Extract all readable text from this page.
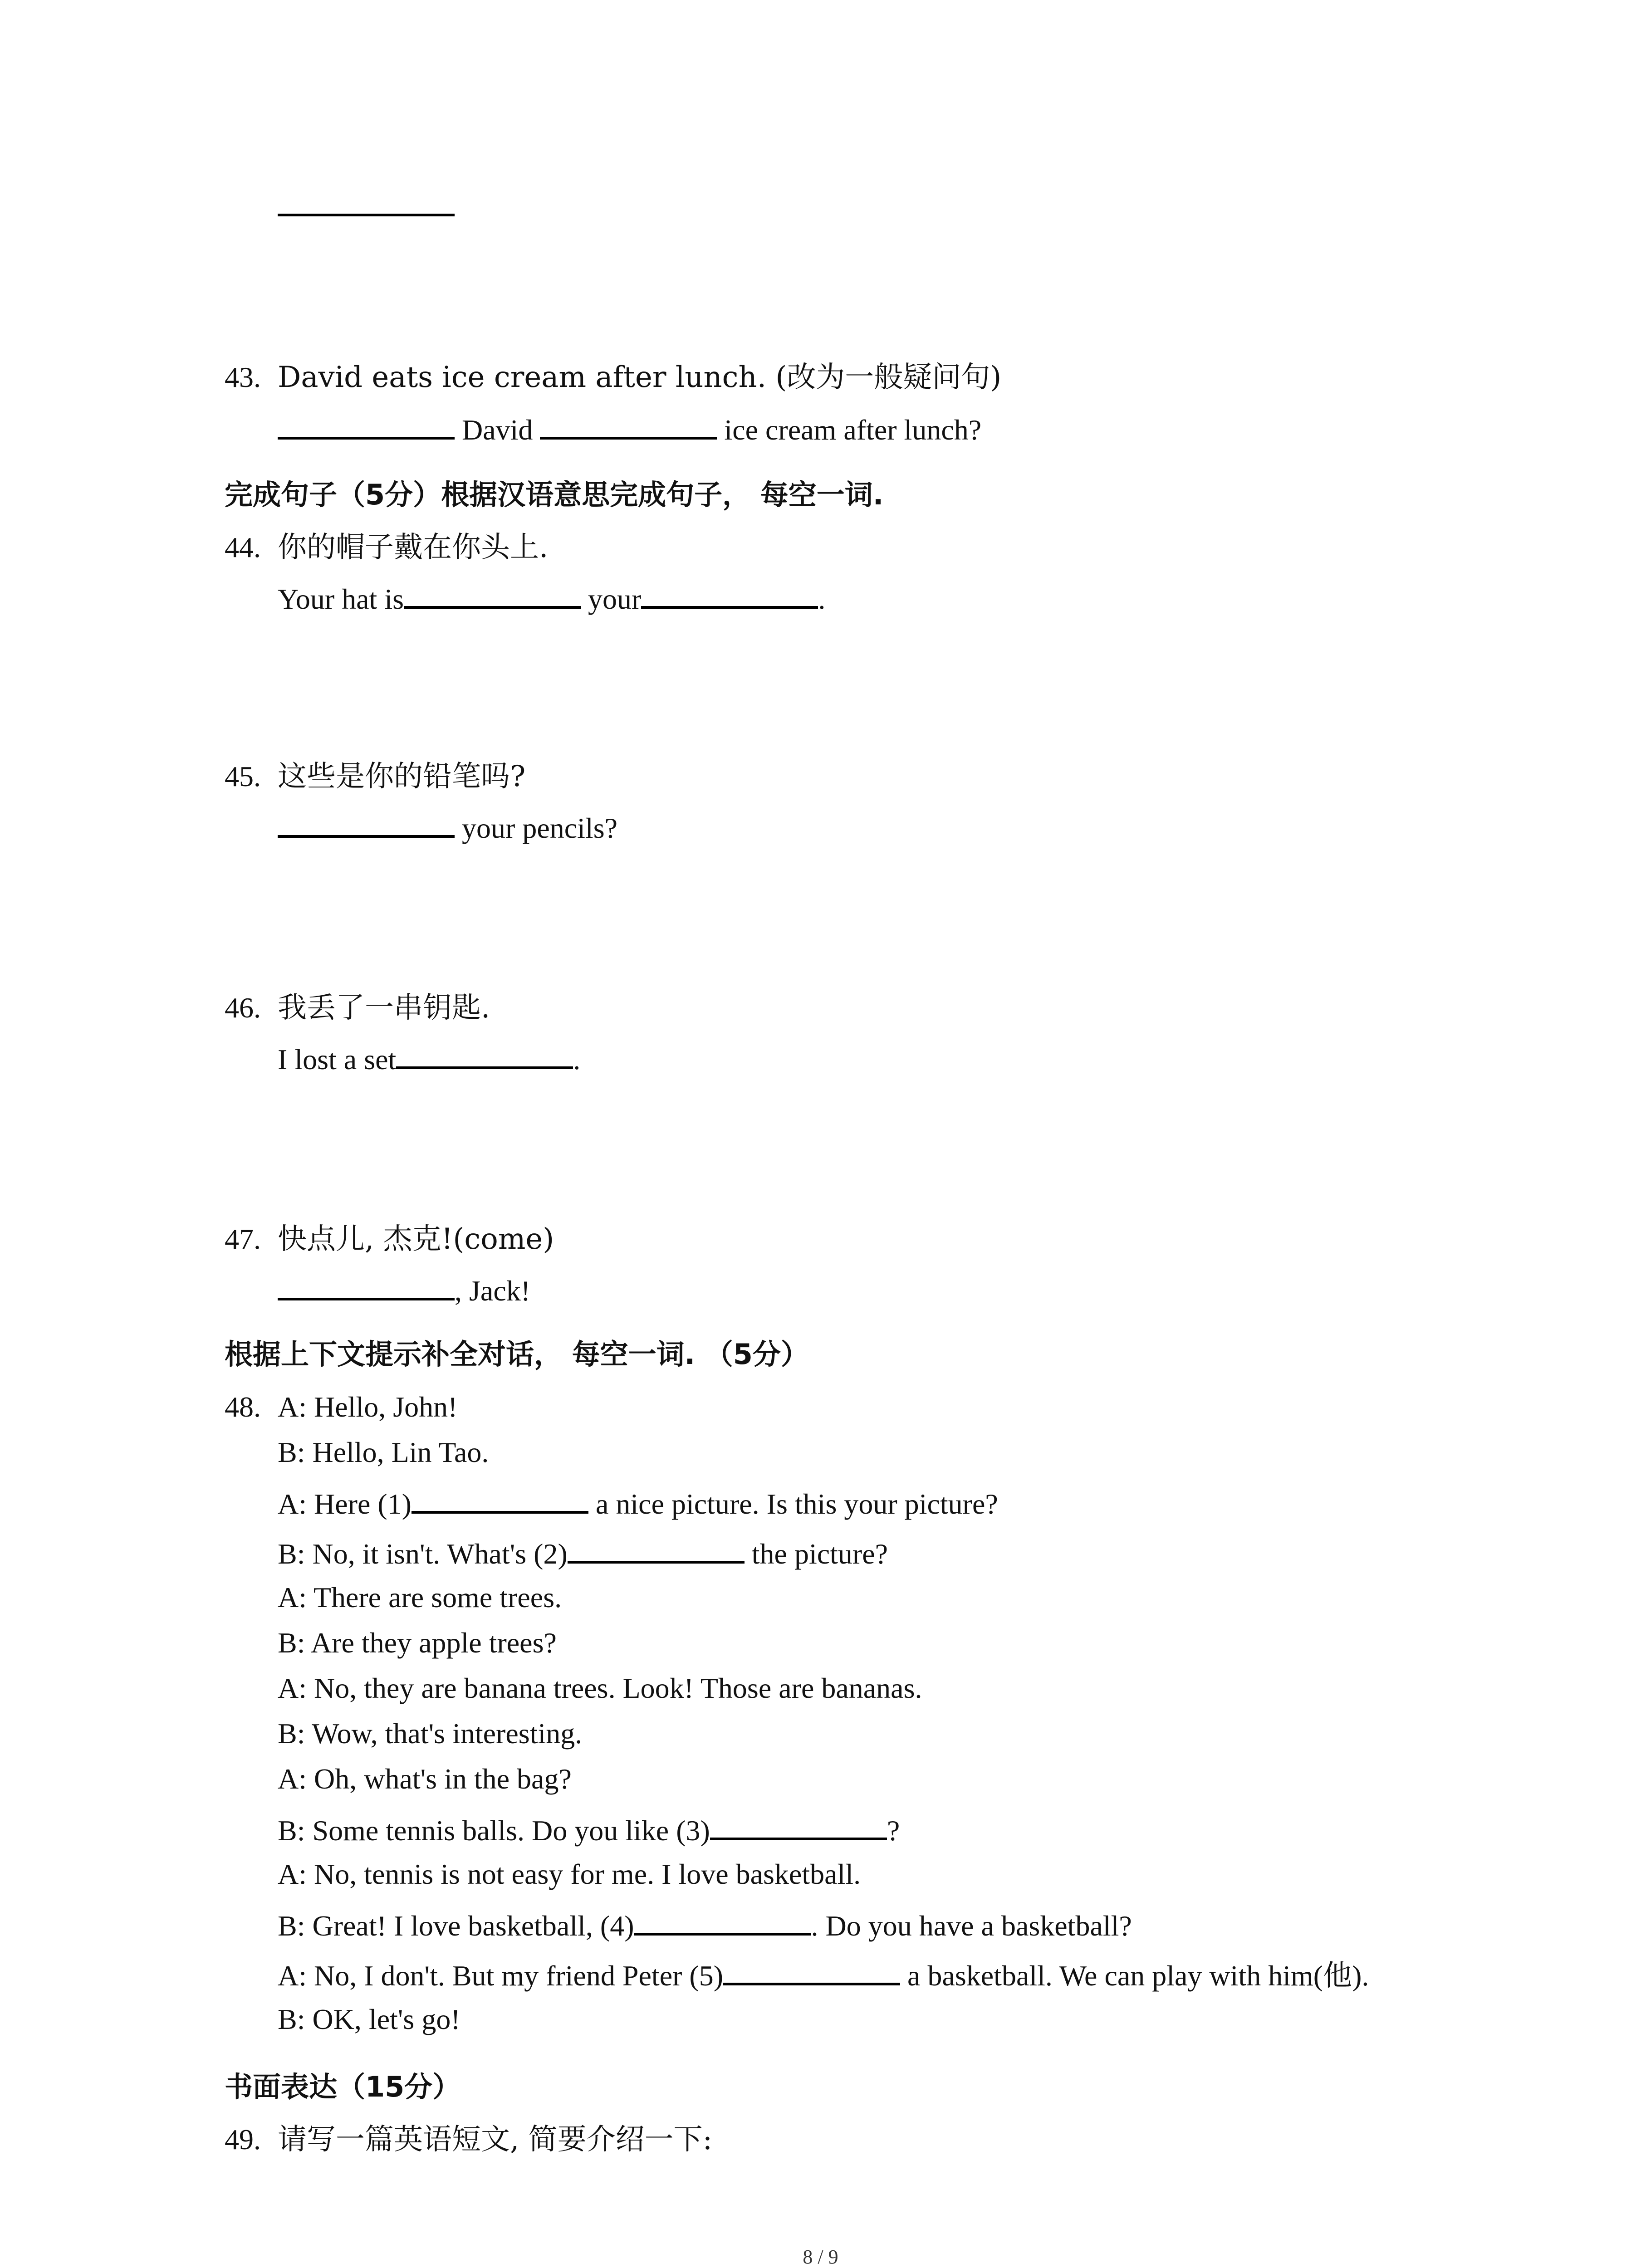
43. David eats ice cream after lunch. (改为一般疑问句)
David	ice cream after lunch?
完成句子（5分）根据汉语意思完成句子， 每空一词.
44. 你的帽子戴在你头上.
Your hat is	your	.
45. 这些是你的铅笔吗?
your pencils?
46. 我丢了一串钥匙.
I lost a set	.
47. 快点儿, 杰克!(come)
, Jack!
根据上下文提示补全对话， 每空一词. （5分）
48. A: Hello, John!
B: Hello, Lin Tao.
A: Here (1)	a nice picture. Is this your picture?
B: No, it isn't. What's (2)	the picture?
A: There are some trees.
B: Are they apple trees?
A: No, they are banana trees. Look! Those are bananas.
B: Wow, that's interesting.
A: Oh, what's in the bag?
B: Some tennis balls. Do you like (3)	?
A: No, tennis is not easy for me. I love basketball.
B: Great! I love basketball, (4)	. Do you have a basketball?
A: No, I don't. But my friend Peter (5)	a basketball. We can play with him(他).
B: OK, let's go!
书面表达（15分）
49. 请写一篇英语短文, 简要介绍一下:
8 / 9
